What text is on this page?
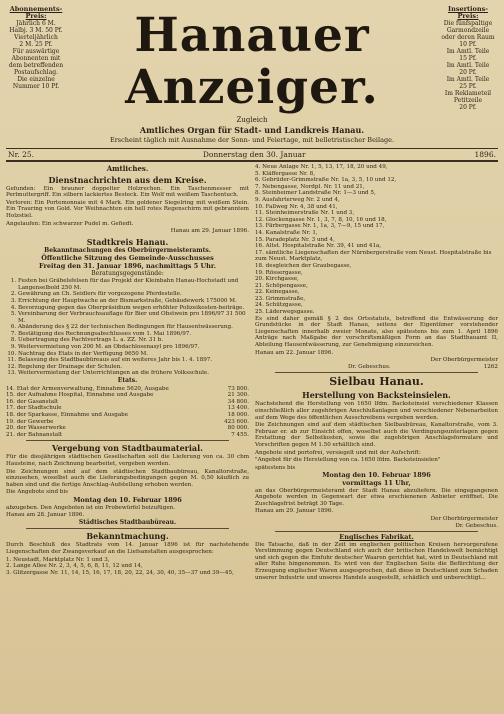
Abonnements-Preis:
Jährlich 6 M.
Halbj. 3 M. 50 Pf.
Vierteljährlich
2 M. 25 Pf.
Für auswärtige
Abonnenten mit
dem betreffenden
Postaufschlag.
Die einzelne
Nummer 10 Pf.
Insertions-Preis:
Die fünfspaltige
Garmondzeile
oder deren Raum
10 Pf.
Im Amtl. Teile
15 Pf.
Im Amtl. Teile
20 Pf.
Im Amtl. Teile
25 Pf.
Im Reklameteil
Petitzeile
20 Pf.
Hanauer Anzeiger.
Zugleich
Amtliches Organ für Stadt- und Landkreis Hanau.
Erscheint täglich mit Ausnahme der Sonn- und Feiertage, mit belletristischer Beilage.
Nr. 25.	Donnerstag den 30. Januar	1896.
Amtliches.
Dienstnachrichten aus dem Kreise.

Gefunden: Ein brauner doppelter Holzrechen. Ein Taschenmesser mit Perlmuttergriff. Ein silbern lackiertes Besteck. Ein Wolf mit weißem Taschentuch.

Verloren: Ein Portemonnaie mit 4 Mark. Ein goldener Siegelring mit weißem Stein. Ein Trauring von Gold. Vor Weihnachten ein hell rotes Regenschirm mit gebranntem Holzstiel.

Angelaufen: Ein schwarzer Pudel m. Gefiedt.

Hanau am 29. Januar 1896.

Stadtkreis Hanau.
Bekanntmachungen des Oberbürgermeisteramts.
Öffentliche Sitzung des Gemeinde-Ausschusses
Freitag den 31. Januar 1896, nachmittags 5 Uhr.
Beratungsgegenstände:
1. Festen bei Gräbelsfelsen für das Projekt der Kleinbahn Hanau-Hochstadt und Langenselbold 250 M.
2. Gewährung an Ch. Seidlers für vorgezogene Pferdestelle.
3. Errichtung der Hauptwache an der Bismarkstraße, Gebäudewerk 175000 M.
4. Bevorzugung gegen das Oberpräsidium wegen erhöhter Polizeikosten-beiträge.
5. Vereinbarung der Verbrauchsauflage für Bier und Obstwein pro 1896/97 31 500 M.
6. Abänderung des § 22 der technischen Bedingungen für Hausentwässerung.
7. Bestätigung des Rechnungsabschlusses vom 1. Mai 1896/97.
8. Uebertragung des Pachtvertrags L. a. ZZ. Nr. 31 b.
9. Weitervermietung von 200 M. an Obdachlosenasyl pro 1896/97.
10. Nachtrag des Etats in der Verfügung 9650 M.
11. Belassung des Stadtbaubüreaus auf ein weiteres Jahr bis 1. 4. 1897.
12. Regelung der Drainage der Schulen.
13. Weitervermietung der Unterrichtungen an die frühere Volksschule.
Etats.
14. Etat der Armenverwaltung, Einnahme 5620, Ausgabe	73 800.
15. der Aufnahme Hospital, Einnahme und Ausgabe	21 300.
16. der Gasanstalt	34 800.
17. der Stadtschule	13 400.
18. der Sparkasse, Einnahme und Ausgabe	18 000.
19. der Gewerbe	423 600.
20. der Wasserwerke	80 000.
21. der Bahnanstalt	7 455.
Vergebung von Stadtbaumaterial.

Für die diesjährigen städtischen Gesellschaften soll die Lieferung von ca. 30 cbm Hausteine, nach Zeichnung bearbeitet, vergeben werden.

Die Zeichnungen sind auf dem städtischen Stadtbaubüreau, Kanaltorstraße, einzusehen, woselbst auch die Lieferungsbedingungen gegen M. 0,50 käuflich zu haben sind und die fertige Anschlag-Aufstellung erhoben werden.

Die Angebote sind bis

Montag den 10. Februar 1896

abzugeben. Den Angeboten ist ein Probewürfel beizufügen.

Hanau am 28. Januar 1896.

Städtisches Stadtbaubüreau.
Bekanntmachung.

Durch Beschluß des Stadtrats vom 14. Januar 1896 ist für nachstehende Liegenschaften der Zwangsverkauf an die Liefsanstalten ausgesprochen:

1. Neustadt, Marktplatz Nr. 1 und 3,
2. Lange Allee Nr. 2, 3, 4, 5, 6, 8, 11, 12 und 14,
3. Glitzergasse Nr. 11, 14, 15, 16, 17, 18, 20, 22, 24, 30, 40, 35—37 und 39—45,
4. Neue Anlage Nr. 1, 5, 13, 17, 18, 20 und 49,
5. Kläffergasse Nr. 8,
6. Gebrüder-Grimmstraße Nr. 1a, 3, 5, 10 und 12,
7. Nebengasse, Nordpl. Nr. 11 und 21,
8. Steinheimer Landstraße Nr. 1—3 und 5,
9. Ausfahrterweg Nr. 2 und 4,
10. Fallweg Nr. 4, 38 und 41,
11. Steinheimerstraße Nr. 1 und 3,
12. Glockengasse Nr. 1, 3, 7, 8, 10, 16 und 18,
13. Färbergasse Nr. 1, 1a, 3, 7—9, 15 und 17,
14. Kanalstraße Nr. 1,
15. Paradeplatz Nr. 3 und 4,
16. Altst. Hospitalstraße Nr. 39, 41 und 41a,
17. sämtliche Liegenschaften der Nürnbergerstraße vom Neust. Hospitalstraße bis zum Neust. Marktplatz,
18. desgleichen der Graubegasse,
19. Rössergasse,
20. Kirchgasse,
21. Schöpengasse,
22. Keinegasse,
23. Grimmstraße,
24. Schützgasse,
25. Läderwegsgasse.

Es sind daher gemäß § 2 des Ortsstatuts, betreffend die Entwässerung der Grundstücke in der Stadt Hanau, seitens der Eigentümer vorstehender Liegenschaften innerhalb zweier Monate, also spätestens bis zum 1. April 1896 Anträge nach Maßgabe der vorschriftsmäßigen Form an das Stadtbauamt II, Abteilung Hausentwässerung, zur Genehmigung einzureichen.

Hanau am 22. Januar 1896.

Der Oberbürgermeister
Dr. Gebeschus.	1262
Sielbau Hanau.
Herstellung von Backsteinsielen.

Nachstehend die Herstellung von 1650 lfdm. Backsteinsiel verschiedener Klassen einschließlich aller zugehörigen Anschlußanlagen und verschiedener Nebenarbeiten auf dem Wege des öffentlichen Ausschreibens vergeben werden.

Die Zeichnungen sind auf dem städtischen Sielbaubüreau, Kanaltorstraße, vom 3. Februar er. ab zur Einsicht offen, woselbst auch die Verdingungsunterlagen gegen Erstattung der Selbstkosten, sowie die zugehörigen Anschlagsformulare und Vorschriften gegen M 1.50 erhältlich sind.

Angebote sind portofrei, versiegelt und mit der Aufschrift:

"Angebot für die Herstellung von ca. 1650 lfdm. Backsteinsielen"

spätestens bis

Montag den 10. Februar 1896
vormittags 11 Uhr,

an das Oberbürgermeisteramt der Stadt Hanau abzuliefern. Die eingegangenen Angebote werden in Gegenwart der etwa erschienenen Anbieter eröffnet. Die Zuschlagsfrist beträgt 30 Tage.

Hanau am 29. Januar 1896.

Der Oberbürgermeister
Dr. Gebeschus.
Englisches Fabrikat.

Die Tatsache, daß in der Zeit im englischen politischen Kreisen hervorgerufene Verstimmung gegen Deutschland sich auch der britischen Handelswelt bemächtigt und sich gegen die Einfuhr deutscher Waaren gerichtet hat, wird in Deutschland mit aller Ruhe hingenommen. Es wird von der Englischen Seite die Befürchtung der Erzeugung englischer Waren ausgesprochen, daß diese in Deutschland zum Schaden unserer Industrie und unseres Handels ausgestellt, schädlich und unberechtigt...
